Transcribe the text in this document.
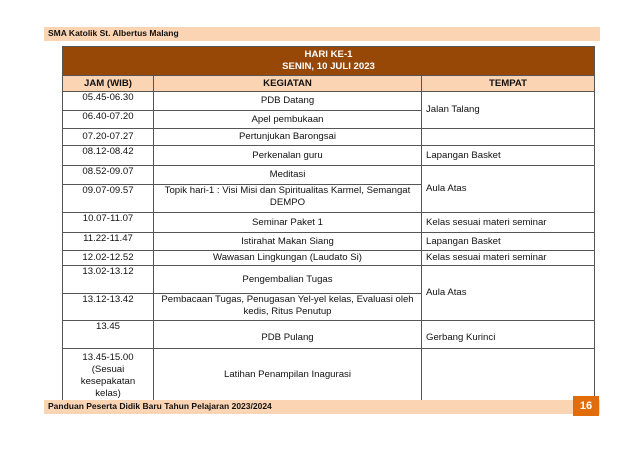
SMA Katolik St. Albertus Malang
HARI KE-1
SENIN, 10 JULI 2023		

JAM (WIB)	KEGIATAN	TEMPAT
05.45-06.30	PDB Datang	Jalan Talang
06.40-07.20	Apel pembukaan	
07.20-07.27	Pertunjukan Barongsai	
08.12-08.42	Perkenalan guru	Lapangan Basket
08.52-09.07	Meditasi	Aula Atas
09.07-09.57	Topik hari-1 : Visi Misi dan Spiritualitas Karmel, Semangat DEMPO	
10.07-11.07	Seminar Paket 1	Kelas sesuai materi seminar
11.22-11.47	Istirahat Makan Siang	Lapangan Basket
12.02-12.52	Wawasan Lingkungan (Laudato Si)	Kelas sesuai materi seminar
13.02-13.12	Pengembalian Tugas	Aula Atas
13.12-13.42	Pembacaan Tugas, Penugasan Yel-yel kelas, Evaluasi oleh kedis, Ritus Penutup	
13.45	PDB Pulang	Gerbang Kurinci
13.45-15.00 (Sesuai kesepakatan kelas)	Latihan Penampilan Inagurasi	
Panduan Peserta Didik Baru Tahun Pelajaran 2023/2024	16
